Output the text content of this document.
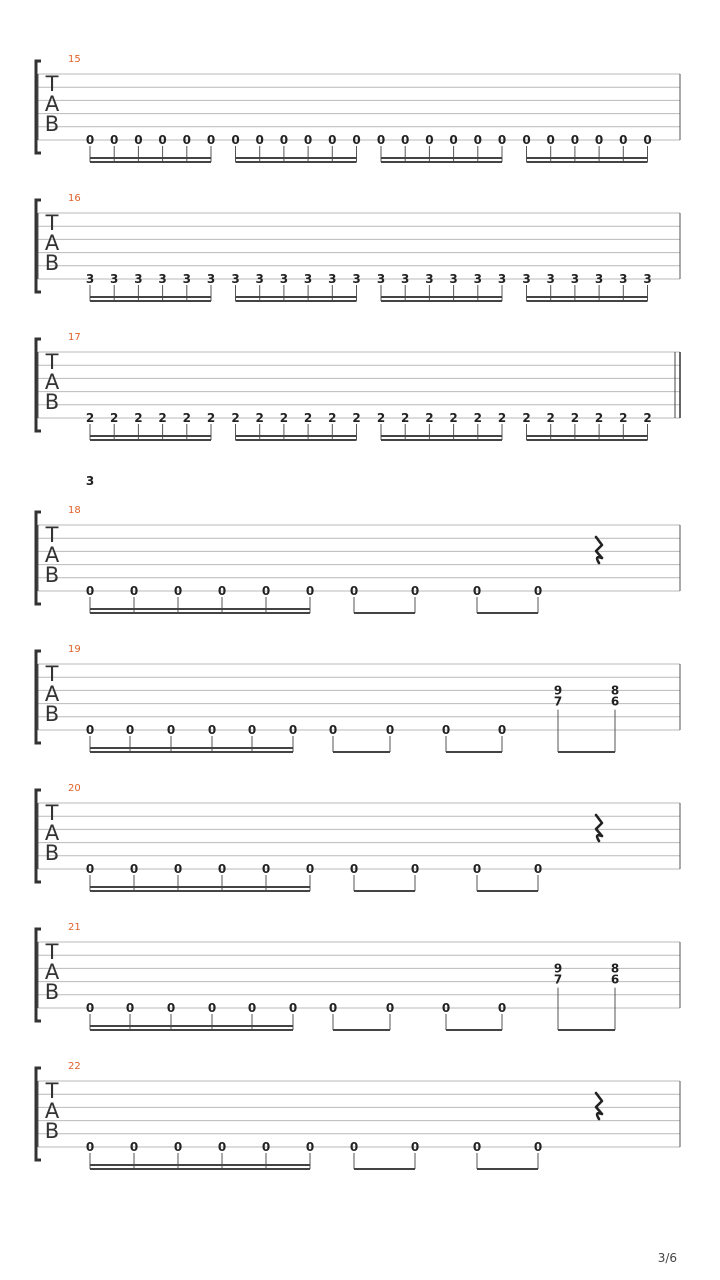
15
T
A
B
0 0 0 0 0 0 0 0 0 0 0 0 0 0 0 0 0 0 0 0 0 0 0 0
16
T
A
B
3 3 3 3 3 3 3 3 3 3 3 3 3 3 3 3 3 3 3 3 3 3 3 3
17
T
A
B
2 2 2 2 2 2 2 2 2 2 2 2 2 2 2 2 2 2 2 2 2 2 2 2
18
3
T
A
B
0	0	0	0	0	0	0	0	0	0
19
T
A
B
0	0	0	0	0	0	0	0	0	0
9
7
8
6
20
T
A
B
0	0	0	0	0	0	0	0	0	0
21
T
A
B
0	0	0	0	0	0	0	0	0	0
9
7
8
6
22
T
A
B
0	0	0	0	0	0	0	0	0	0
3/6
